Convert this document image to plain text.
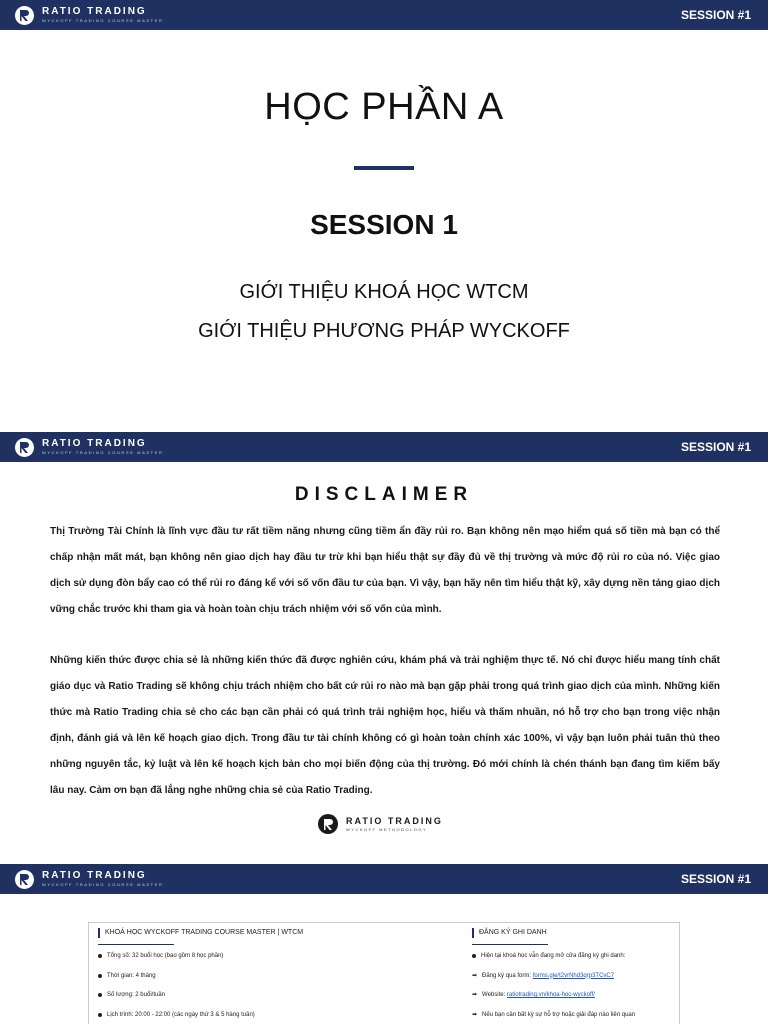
RATIO TRADING
WYCKOFF TRADING COURSE MASTER	SESSION #1
HỌC PHẦN A
SESSION 1
GIỚI THIỆU KHOÁ HỌC WTCM
GIỚI THIỆU PHƯƠNG PHÁP WYCKOFF
RATIO TRADING
WYCKOFF TRADING COURSE MASTER	SESSION #1
DISCLAIMER

Thị Trường Tài Chính là lĩnh vực đầu tư rất tiềm năng nhưng cũng tiềm ẩn đầy rủi ro. Bạn không nên mạo hiểm quá số tiền mà bạn có thể chấp nhận mất mát, bạn không nên giao dịch hay đầu tư trừ khi bạn hiểu thật sự đầy đủ về thị trường và mức độ rủi ro của nó. Việc giao dịch sử dụng đòn bẩy cao có thể rủi ro đáng kể với số vốn đầu tư của bạn. Vì vậy, bạn hãy nên tìm hiểu thật kỹ, xây dựng nền tảng giao dịch vững chắc trước khi tham gia và hoàn toàn chịu trách nhiệm với số vốn của mình.

Những kiến thức được chia sẻ là những kiến thức đã được nghiên cứu, khám phá và trải nghiệm thực tế. Nó chỉ được hiểu mang tính chất giáo dục và Ratio Trading sẽ không chịu trách nhiệm cho bất cứ rủi ro nào mà bạn gặp phải trong quá trình giao dịch của mình. Những kiến thức mà Ratio Trading chia sẻ cho các bạn cần phải có quá trình trải nghiệm học, hiểu và thấm nhuần, nó hỗ trợ cho bạn trong việc nhận định, đánh giá và lên kế hoạch giao dịch. Trong đầu tư tài chính không có gì hoàn toàn chính xác 100%, vì vậy bạn luôn phải tuân thủ theo những nguyên tắc, kỷ luật và lên kế hoạch kịch bản cho mọi biến động của thị trường. Đó mới chính là chén thánh bạn đang tìm kiếm bấy lâu nay. Cảm ơn bạn đã lắng nghe những chia sẻ của Ratio Trading.

RATIO TRADING
WYCKOFF METHODOLOGY
RATIO TRADING
WYCKOFF TRADING COURSE MASTER	SESSION #1
KHOÁ HỌC WYCKOFF TRADING COURSE MASTER | WTCM
Tổng số: 32 buổi học (bao gồm 8 học phần)
Thời gian: 4 tháng
Số lượng: 2 buổi/tuần
Lịch trình: 20:00 - 22:00 (các ngày thứ 3 & 5 hàng tuần)
ĐĂNG KÝ GHI DANH
Hiện tại khoá học vẫn đang mở cửa đăng ký ghi danh:
➡ Đăng ký qua form: forms.gle/t2vrNhd3qrp3TCvC7
➡ Website: ratiotrading.vn/khoa-hoc-wyckoff/
➡ Nếu bạn cần bất kỳ sự hỗ trợ hoặc giải đáp nào liên quan
